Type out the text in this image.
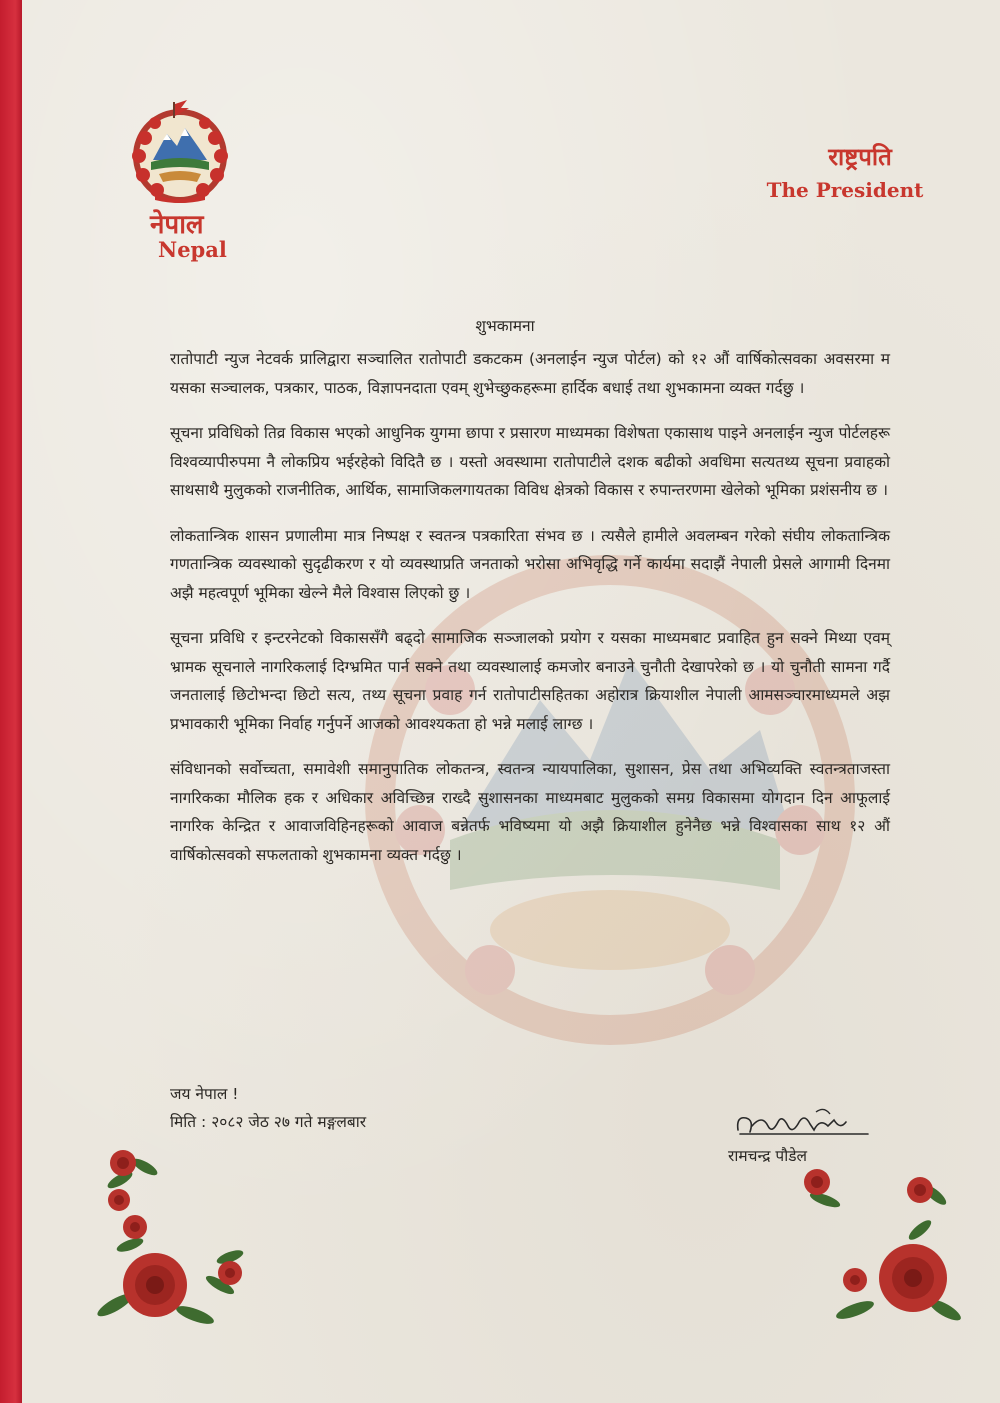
नेपाल
Nepal
राष्ट्रपति
The President
शुभकामना

रातोपाटी न्युज नेटवर्क प्रालिद्वारा सञ्चालित रातोपाटी डकटकम (अनलाईन न्युज पोर्टल) को १२ औं वार्षिकोत्सवका अवसरमा म यसका सञ्चालक, पत्रकार, पाठक, विज्ञापनदाता एवम् शुभेच्छुकहरूमा हार्दिक बधाई तथा शुभकामना व्यक्त गर्दछु ।

सूचना प्रविधिको तिव्र विकास भएको आधुनिक युगमा छापा र प्रसारण माध्यमका विशेषता एकासाथ पाइने अनलाईन न्युज पोर्टलहरू विश्वव्यापीरुपमा नै लोकप्रिय भईरहेको विदितै छ । यस्तो अवस्थामा रातोपाटीले दशक बढीको अवधिमा सत्यतथ्य सूचना प्रवाहको साथसाथै मुलुकको राजनीतिक, आर्थिक, सामाजिकलगायतका विविध क्षेत्रको विकास र रुपान्तरणमा खेलेको भूमिका प्रशंसनीय छ ।

लोकतान्त्रिक शासन प्रणालीमा मात्र निष्पक्ष र स्वतन्त्र पत्रकारिता संभव छ । त्यसैले हामीले अवलम्बन गरेको संघीय लोकतान्त्रिक गणतान्त्रिक व्यवस्थाको सुदृढीकरण र यो व्यवस्थाप्रति जनताको भरोसा अभिवृद्धि गर्ने कार्यमा सदाझैं नेपाली प्रेसले आगामी दिनमा अझै महत्वपूर्ण भूमिका खेल्ने मैले विश्वास लिएको छु ।

सूचना प्रविधि र इन्टरनेटको विकाससँगै बढ्दो सामाजिक सञ्जालको प्रयोग र यसका माध्यमबाट प्रवाहित हुन सक्ने मिथ्या एवम् भ्रामक सूचनाले नागरिकलाई दिग्भ्रमित पार्न सक्ने तथा व्यवस्थालाई कमजोर बनाउने चुनौती देखापरेको छ । यो चुनौती सामना गर्दै जनतालाई छिटोभन्दा छिटो सत्य, तथ्य सूचना प्रवाह गर्न रातोपाटीसहितका अहोरात्र क्रियाशील नेपाली आमसञ्चारमाध्यमले अझ प्रभावकारी भूमिका निर्वाह गर्नुपर्ने आजको आवश्यकता हो भन्ने मलाई लाग्छ ।

संविधानको सर्वोच्चता, समावेशी समानुपातिक लोकतन्त्र, स्वतन्त्र न्यायपालिका, सुशासन, प्रेस तथा अभिव्यक्ति स्वतन्त्रताजस्ता नागरिकका मौलिक हक र अधिकार अविच्छिन्न राख्दै सुशासनका माध्यमबाट मुलुकको समग्र विकासमा योगदान दिन आफूलाई नागरिक केन्द्रित र आवाजविहिनहरूको आवाज बन्नेतर्फ भविष्यमा यो अझै क्रियाशील हुनेनैछ भन्ने विश्वासका साथ १२ औं वार्षिकोत्सवको सफलताको शुभकामना व्यक्त गर्दछु ।

जय नेपाल !
मिति : २०८२ जेठ २७ गते मङ्गलबार
रामचन्द्र पौडेल
